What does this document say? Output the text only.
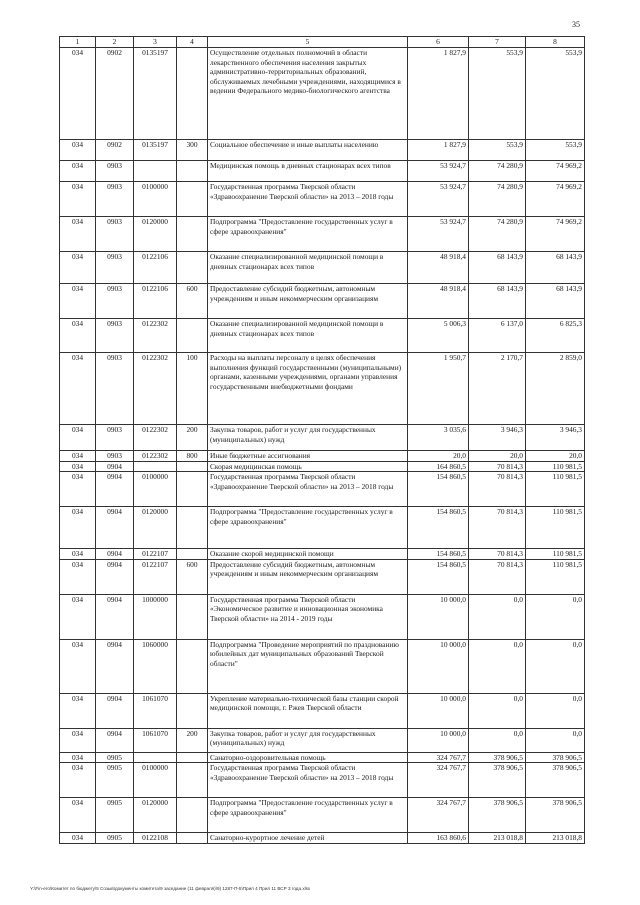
35
1	2	3	4	5	6	7	8
034	0902	0135197		Осуществление отдельных полномочий в области лекарственного обеспечения населения закрытых административно-территориальных образований, обслуживаемых лечебными учреждениями, находящимися в ведении Федерального медико-биологического агентства	1 827,9	553,9	553,9
034	0902	0135197	300	Социальное обеспечение и иные выплаты населению	1 827,9	553,9	553,9
034	0903			Медицинская помощь в дневных стационарах всех типов	53 924,7	74 280,9	74 969,2
034	0903	0100000		Государственная программа Тверской области «Здравоохранение Тверской области» на 2013 – 2018 годы	53 924,7	74 280,9	74 969,2
034	0903	0120000		Подпрограмма "Предоставление государственных услуг в сфере здравоохранения"	53 924,7	74 280,9	74 969,2
034	0903	0122106		Оказание специализированной медицинской помощи в дневных стационарах всех типов	48 918,4	68 143,9	68 143,9
034	0903	0122106	600	Предоставление субсидий бюджетным, автономным учреждениям и иным некоммерческим организациям	48 918,4	68 143,9	68 143,9
034	0903	0122302		Оказание специализированной медицинской помощи в дневных стационарах всех типов	5 006,3	6 137,0	6 825,3
034	0903	0122302	100	Расходы на выплаты персоналу в целях обеспечения выполнения функций государственными (муниципальными) органами, казенными учреждениями, органами управления государственными внебюджетными фондами	1 950,7	2 170,7	2 859,0
034	0903	0122302	200	Закупка товаров, работ и услуг для государственных (муниципальных) нужд	3 035,6	3 946,3	3 946,3
034	0903	0122302	800	Иные бюджетные ассигнования	20,0	20,0	20,0
034	0904			Скорая медицинская помощь	164 860,5	70 814,3	110 981,5
034	0904	0100000		Государственная программа Тверской области «Здравоохранение Тверской области» на 2013 – 2018 годы	154 860,5	70 814,3	110 981,5
034	0904	0120000		Подпрограмма "Предоставление государственных услуг в сфере здравоохранения"	154 860,5	70 814,3	110 981,5
034	0904	0122107		Оказание скорой медицинской помощи	154 860,5	70 814,3	110 981,5
034	0904	0122107	600	Предоставление субсидий бюджетным, автономным учреждениям и иным некоммерческим организациям	154 860,5	70 814,3	110 981,5
034	0904	1000000		Государственная программа Тверской области «Экономическое развитие и инновационная экономика Тверской области» на 2014 - 2019 годы	10 000,0	0,0	0,0
034	0904	1060000		Подпрограмма "Проведение мероприятий по празднованию юбилейных дат муниципальных образований Тверской области"	10 000,0	0,0	0,0
034	0904	1061070		Укрепление материально-технической базы станции скорой медицинской помощи, г. Ржев Тверской области	10 000,0	0,0	0,0
034	0904	1061070	200	Закупка товаров, работ и услуг для государственных (муниципальных) нужд	10 000,0	0,0	0,0
034	0905			Санаторно-оздоровительная помощь	324 767,7	378 906,5	378 906,5
034	0905	0100000		Государственная программа Тверской области «Здравоохранение Тверской области» на 2013 – 2018 годы	324 767,7	378 906,5	378 906,5
034	0905	0120000		Подпрограмма "Предоставление государственных услуг в сфере здравоохранения"	324 767,7	378 906,5	378 906,5
034	0905	0122108		Санаторно-курортное лечение детей	163 860,6	213 018,8	213 018,8
Y:\Fin-его\Комитет по бюджету\5 Созыв\документы комитета\9 заседание (11 февраля)\9) 1287-П-5\Прил 4 Прил 11 ВСР 3 года.xlsx
